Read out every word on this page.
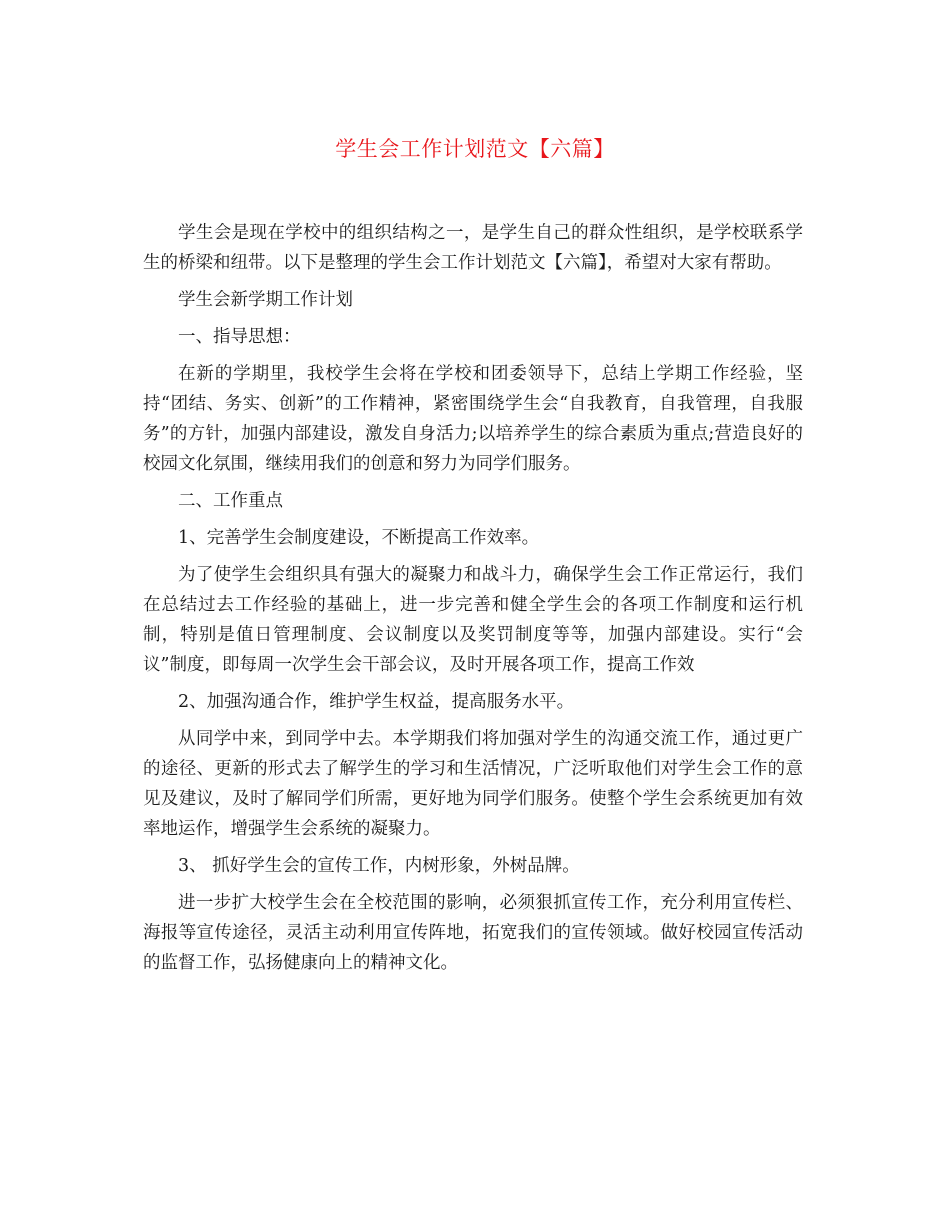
学生会工作计划范文【六篇】

学生会是现在学校中的组织结构之一，是学生自己的群众性组织，是学校联系学生的桥梁和纽带。以下是整理的学生会工作计划范文【六篇】，希望对大家有帮助。

学生会新学期工作计划

一、指导思想：

在新的学期里，我校学生会将在学校和团委领导下，总结上学期工作经验，坚持“团结、务实、创新”的工作精神，紧密围绕学生会“自我教育，自我管理，自我服务”的方针，加强内部建设，激发自身活力;以培养学生的综合素质为重点;营造良好的校园文化氛围，继续用我们的创意和努力为同学们服务。

二、工作重点

1、完善学生会制度建设，不断提高工作效率。

为了使学生会组织具有强大的凝聚力和战斗力，确保学生会工作正常运行，我们在总结过去工作经验的基础上，进一步完善和健全学生会的各项工作制度和运行机制，特别是值日管理制度、会议制度以及奖罚制度等等，加强内部建设。实行“会议”制度，即每周一次学生会干部会议，及时开展各项工作，提高工作效

2、加强沟通合作，维护学生权益，提高服务水平。

从同学中来，到同学中去。本学期我们将加强对学生的沟通交流工作，通过更广的途径、更新的形式去了解学生的学习和生活情况，广泛听取他们对学生会工作的意见及建议，及时了解同学们所需，更好地为同学们服务。使整个学生会系统更加有效率地运作，增强学生会系统的凝聚力。

3、 抓好学生会的宣传工作，内树形象，外树品牌。

进一步扩大校学生会在全校范围的影响，必须狠抓宣传工作，充分利用宣传栏、海报等宣传途径，灵活主动利用宣传阵地，拓宽我们的宣传领域。做好校园宣传活动的监督工作，弘扬健康向上的精神文化。
